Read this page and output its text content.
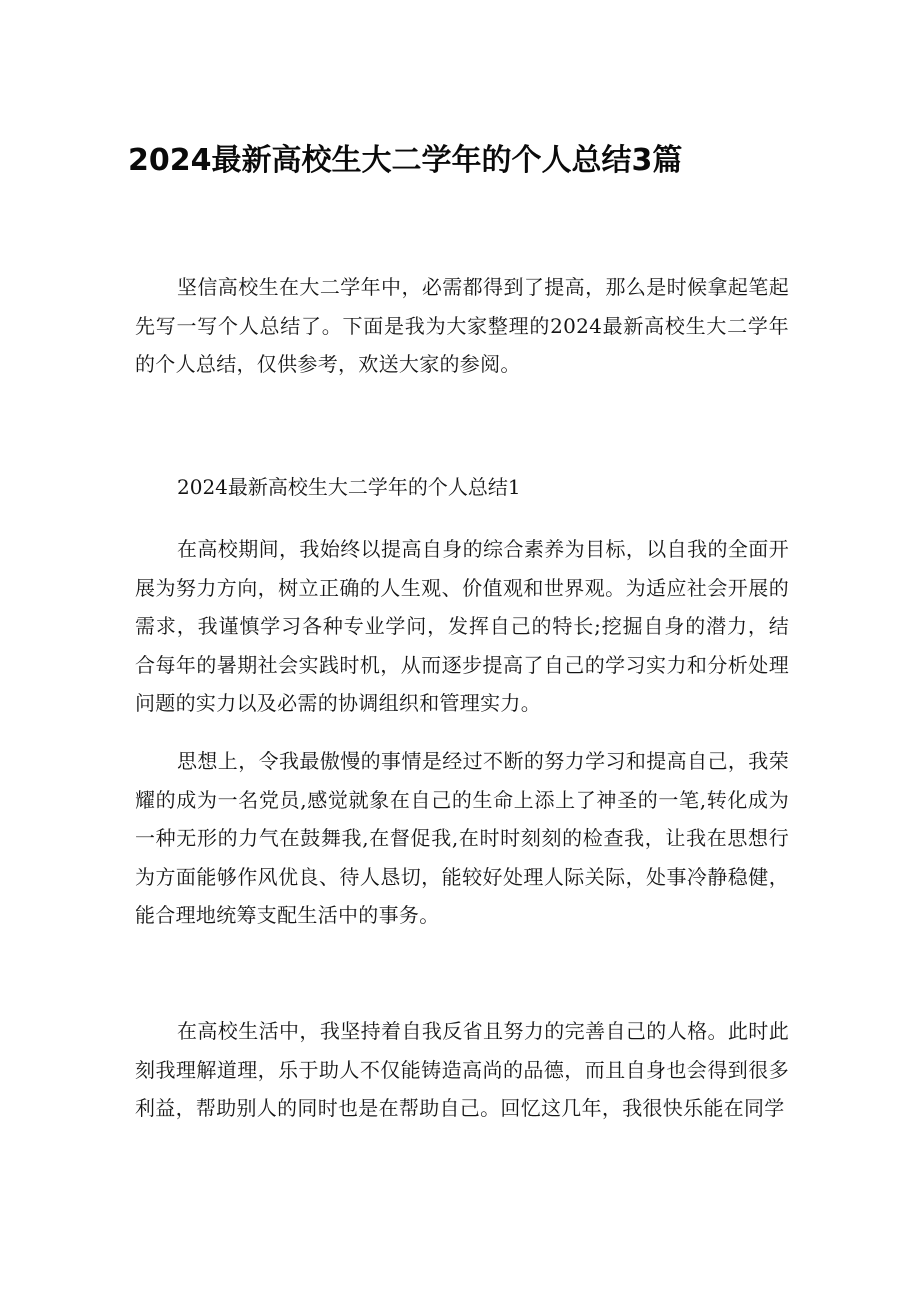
2024最新高校生大二学年的个人总结3篇
坚信高校生在大二学年中，必需都得到了提高，那么是时候拿起笔起先写一写个人总结了。下面是我为大家整理的2024最新高校生大二学年的个人总结，仅供参考，欢送大家的参阅。
2024最新高校生大二学年的个人总结1
在高校期间，我始终以提高自身的综合素养为目标，以自我的全面开展为努力方向，树立正确的人生观、价值观和世界观。为适应社会开展的需求，我谨慎学习各种专业学问，发挥自己的特长;挖掘自身的潜力，结合每年的暑期社会实践时机，从而逐步提高了自己的学习实力和分析处理问题的实力以及必需的协调组织和管理实力。
思想上，令我最傲慢的事情是经过不断的努力学习和提高自己，我荣耀的成为一名党员,感觉就象在自己的生命上添上了神圣的一笔,转化成为一种无形的力气在鼓舞我,在督促我,在时时刻刻的检查我，让我在思想行为方面能够作风优良、待人恳切，能较好处理人际关际，处事冷静稳健，能合理地统筹支配生活中的事务。
在高校生活中，我坚持着自我反省且努力的完善自己的人格。此时此刻我理解道理，乐于助人不仅能铸造高尚的品德，而且自身也会得到很多利益，帮助别人的同时也是在帮助自己。回忆这几年，我很快乐能在同学
